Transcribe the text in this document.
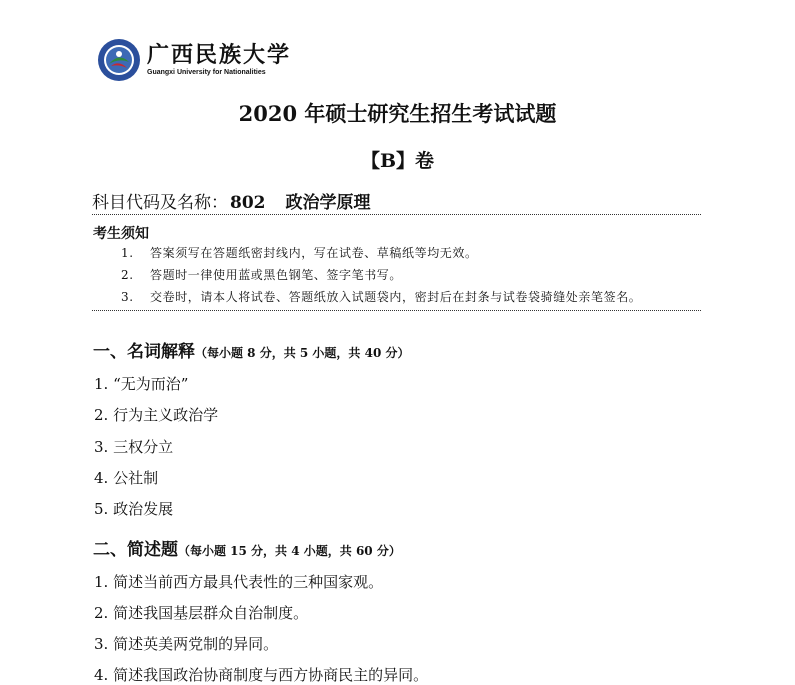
广西民族大学
Guangxi University for Nationalities
2020 年硕士研究生招生考试试题
【B】卷
科目代码及名称： 802 政治学原理
考生须知
1. 答案须写在答题纸密封线内，写在试卷、草稿纸等均无效。
2. 答题时一律使用蓝或黑色钢笔、签字笔书写。
3. 交卷时，请本人将试卷、答题纸放入试题袋内，密封后在封条与试卷袋骑缝处亲笔签名。
一、名词解释（每小题 8 分，共 5 小题，共 40 分）
1. “无为而治”
2. 行为主义政治学
3. 三权分立
4. 公社制
5. 政治发展
二、简述题（每小题 15 分，共 4 小题，共 60 分）
1. 简述当前西方最具代表性的三种国家观。
2. 简述我国基层群众自治制度。
3. 简述英美两党制的异同。
4. 简述我国政治协商制度与西方协商民主的异同。
